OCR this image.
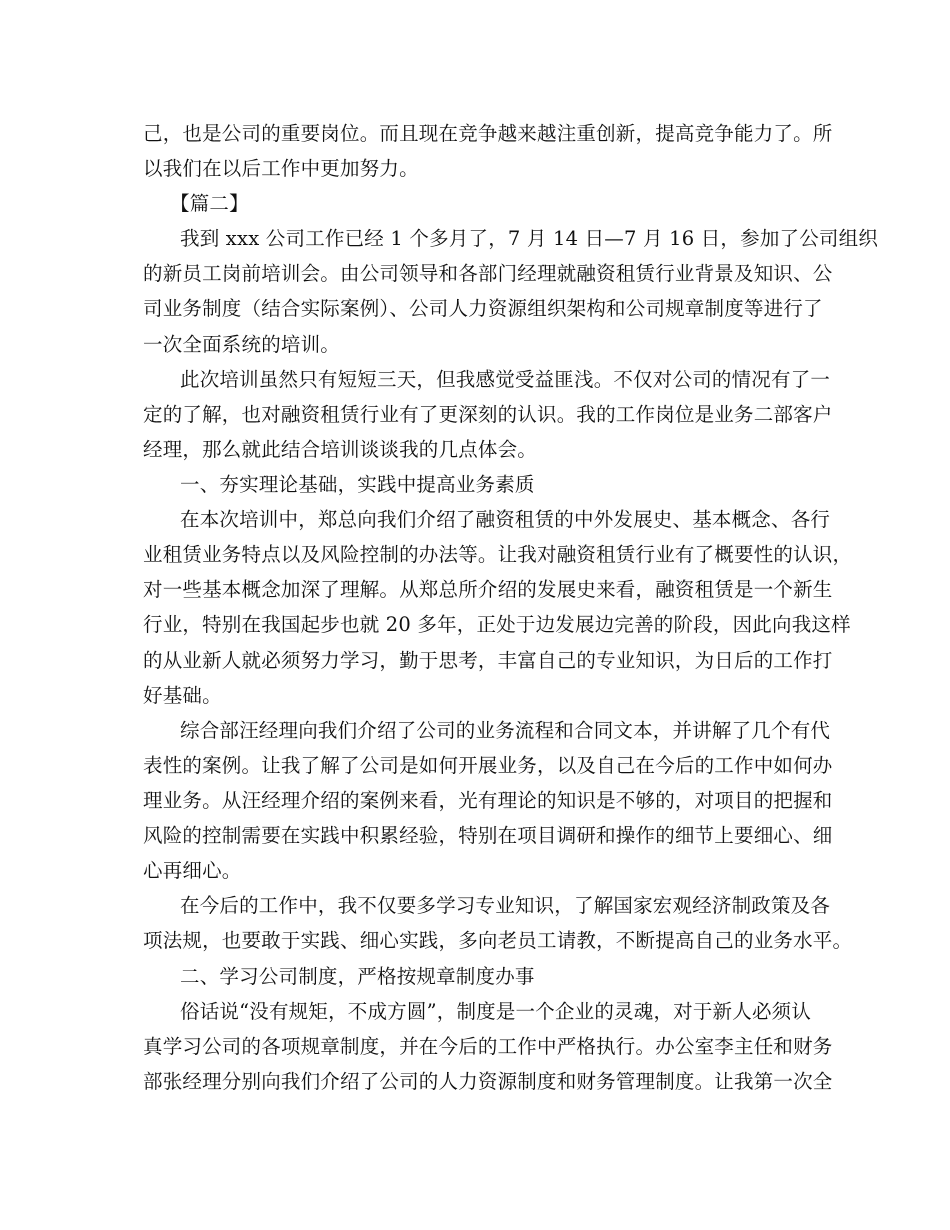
己，也是公司的重要岗位。而且现在竞争越来越注重创新，提高竞争能力了。所
以我们在以后工作中更加努力。
【篇二】
我到 xxx 公司工作已经 1 个多月了，7 月 14 日—7 月 16 日，参加了公司组织
的新员工岗前培训会。由公司领导和各部门经理就融资租赁行业背景及知识、公
司业务制度（结合实际案例）、公司人力资源组织架构和公司规章制度等进行了
一次全面系统的培训。
此次培训虽然只有短短三天，但我感觉受益匪浅。不仅对公司的情况有了一
定的了解，也对融资租赁行业有了更深刻的认识。我的工作岗位是业务二部客户
经理，那么就此结合培训谈谈我的几点体会。
一、夯实理论基础，实践中提高业务素质
在本次培训中，郑总向我们介绍了融资租赁的中外发展史、基本概念、各行
业租赁业务特点以及风险控制的办法等。让我对融资租赁行业有了概要性的认识，
对一些基本概念加深了理解。从郑总所介绍的发展史来看，融资租赁是一个新生
行业，特别在我国起步也就 20 多年，正处于边发展边完善的阶段，因此向我这样
的从业新人就必须努力学习，勤于思考，丰富自己的专业知识，为日后的工作打
好基础。
综合部汪经理向我们介绍了公司的业务流程和合同文本，并讲解了几个有代
表性的案例。让我了解了公司是如何开展业务，以及自己在今后的工作中如何办
理业务。从汪经理介绍的案例来看，光有理论的知识是不够的，对项目的把握和
风险的控制需要在实践中积累经验，特别在项目调研和操作的细节上要细心、细
心再细心。
在今后的工作中，我不仅要多学习专业知识，了解国家宏观经济制政策及各
项法规，也要敢于实践、细心实践，多向老员工请教，不断提高自己的业务水平。
二、学习公司制度，严格按规章制度办事
俗话说“没有规矩，不成方圆”，制度是一个企业的灵魂，对于新人必须认
真学习公司的各项规章制度，并在今后的工作中严格执行。办公室李主任和财务
部张经理分别向我们介绍了公司的人力资源制度和财务管理制度。让我第一次全
